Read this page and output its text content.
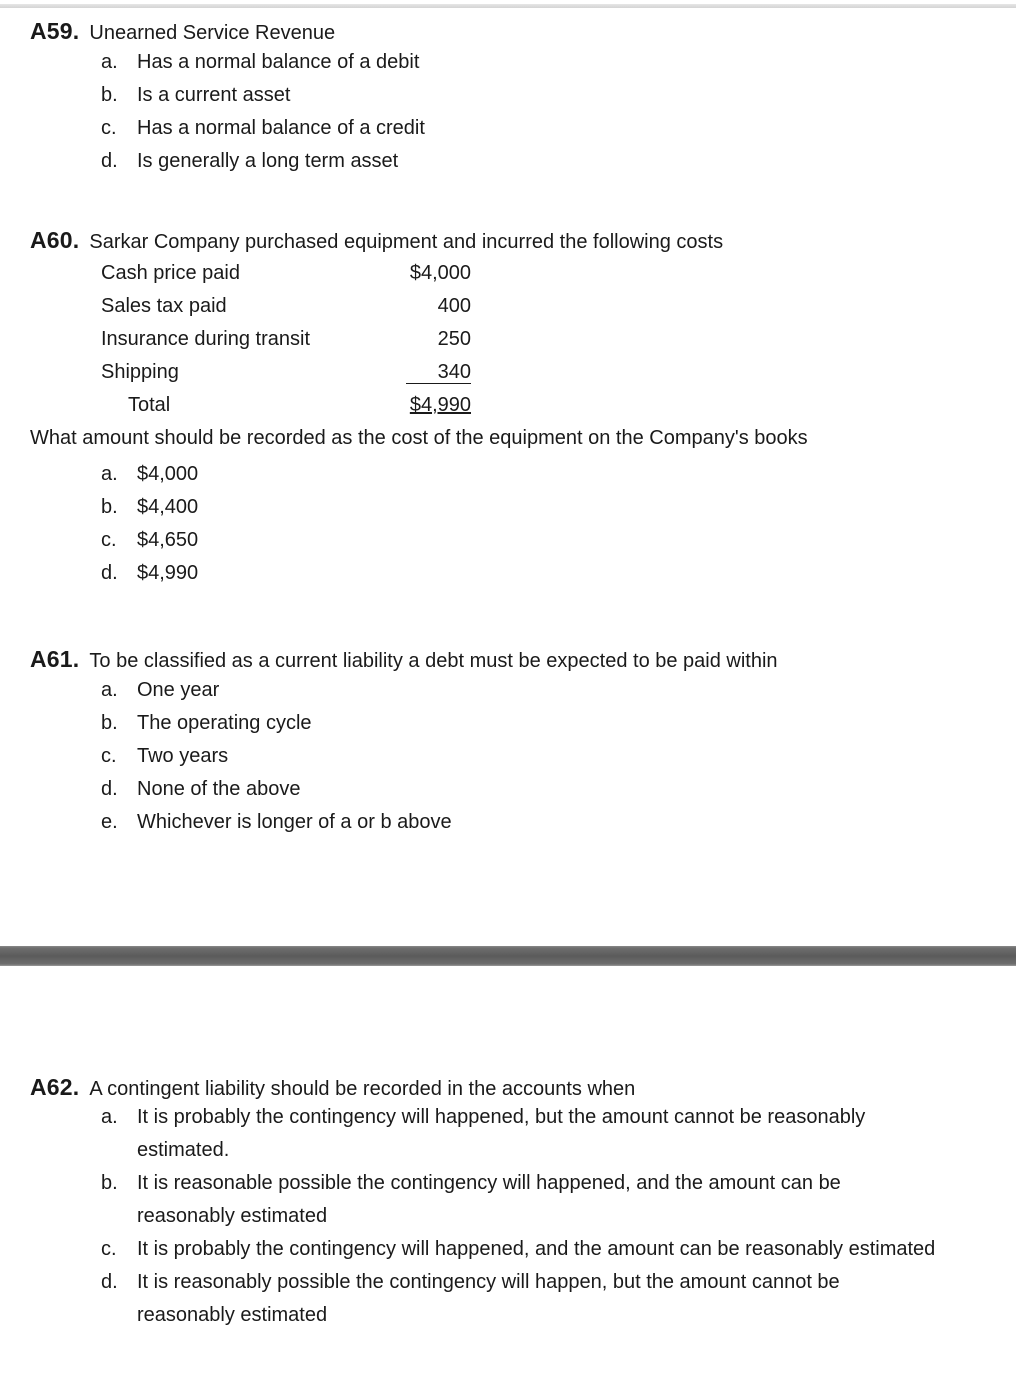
A59. Unearned Service Revenue
a. Has a normal balance of a debit
b. Is a current asset
c.	Has a normal balance of a credit
d. Is generally a long term asset
A60. Sarkar Company purchased equipment and incurred the following costs
Cash price paid	$4,000
Sales tax paid	400
Insurance during transit	250
Shipping	340
Total	$4,990
What amount should be recorded as the cost of the equipment on the Company's books
a. $4,000
b. $4,400
c.	$4,650
d. $4,990
A61. To be classified as a current liability a debt must be expected to be paid within
a. One year
b. The operating cycle
c.	Two years
d. None of the above
e. Whichever is longer of a or b above
A62. A contingent liability should be recorded in the accounts when
a. It is probably the contingency will happened, but the amount cannot be reasonably estimated.
b. It is reasonable possible the contingency will happened, and the amount can be reasonably estimated
c.	It is probably the contingency will happened, and the amount can be reasonably estimated
d. It is reasonably possible the contingency will happen, but the amount cannot be reasonably estimated
